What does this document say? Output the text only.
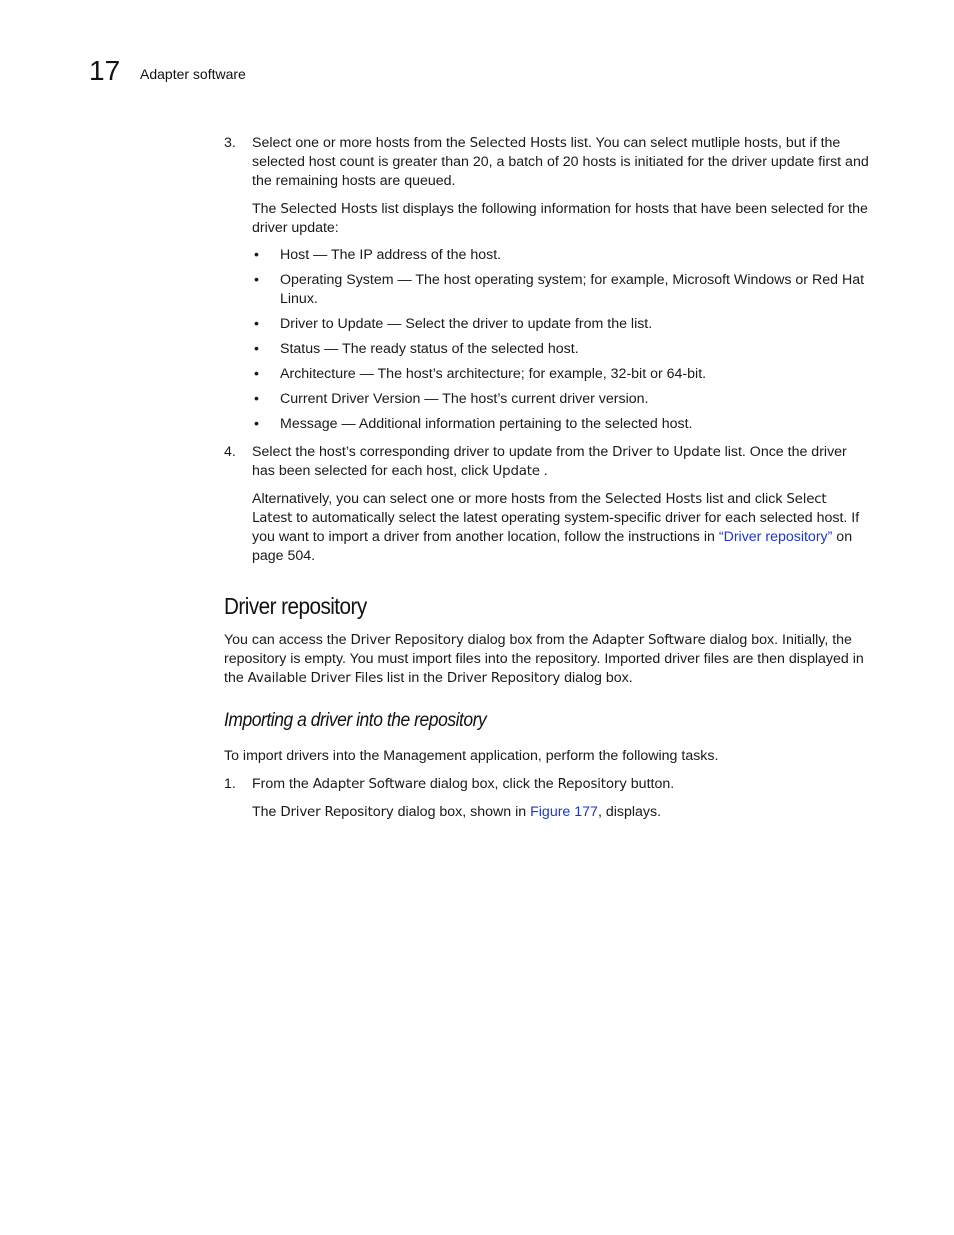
17 Adapter software
3. Select one or more hosts from the Selected Hosts list. You can select mutliple hosts, but if the selected host count is greater than 20, a batch of 20 hosts is initiated for the driver update first and the remaining hosts are queued.
The Selected Hosts list displays the following information for hosts that have been selected for the driver update:
• Host — The IP address of the host.
• Operating System — The host operating system; for example, Microsoft Windows or Red Hat Linux.
• Driver to Update — Select the driver to update from the list.
• Status — The ready status of the selected host.
• Architecture — The host’s architecture; for example, 32-bit or 64-bit.
• Current Driver Version — The host’s current driver version.
• Message — Additional information pertaining to the selected host.
4. Select the host’s corresponding driver to update from the Driver to Update list. Once the driver has been selected for each host, click Update .
Alternatively, you can select one or more hosts from the Selected Hosts list and click Select Latest to automatically select the latest operating system-specific driver for each selected host. If you want to import a driver from another location, follow the instructions in “Driver repository” on page 504.
Driver repository
You can access the Driver Repository dialog box from the Adapter Software dialog box. Initially, the repository is empty. You must import files into the repository. Imported driver files are then displayed in the Available Driver Files list in the Driver Repository dialog box.
Importing a driver into the repository
To import drivers into the Management application, perform the following tasks.
1. From the Adapter Software dialog box, click the Repository button.
The Driver Repository dialog box, shown in Figure 177, displays.
